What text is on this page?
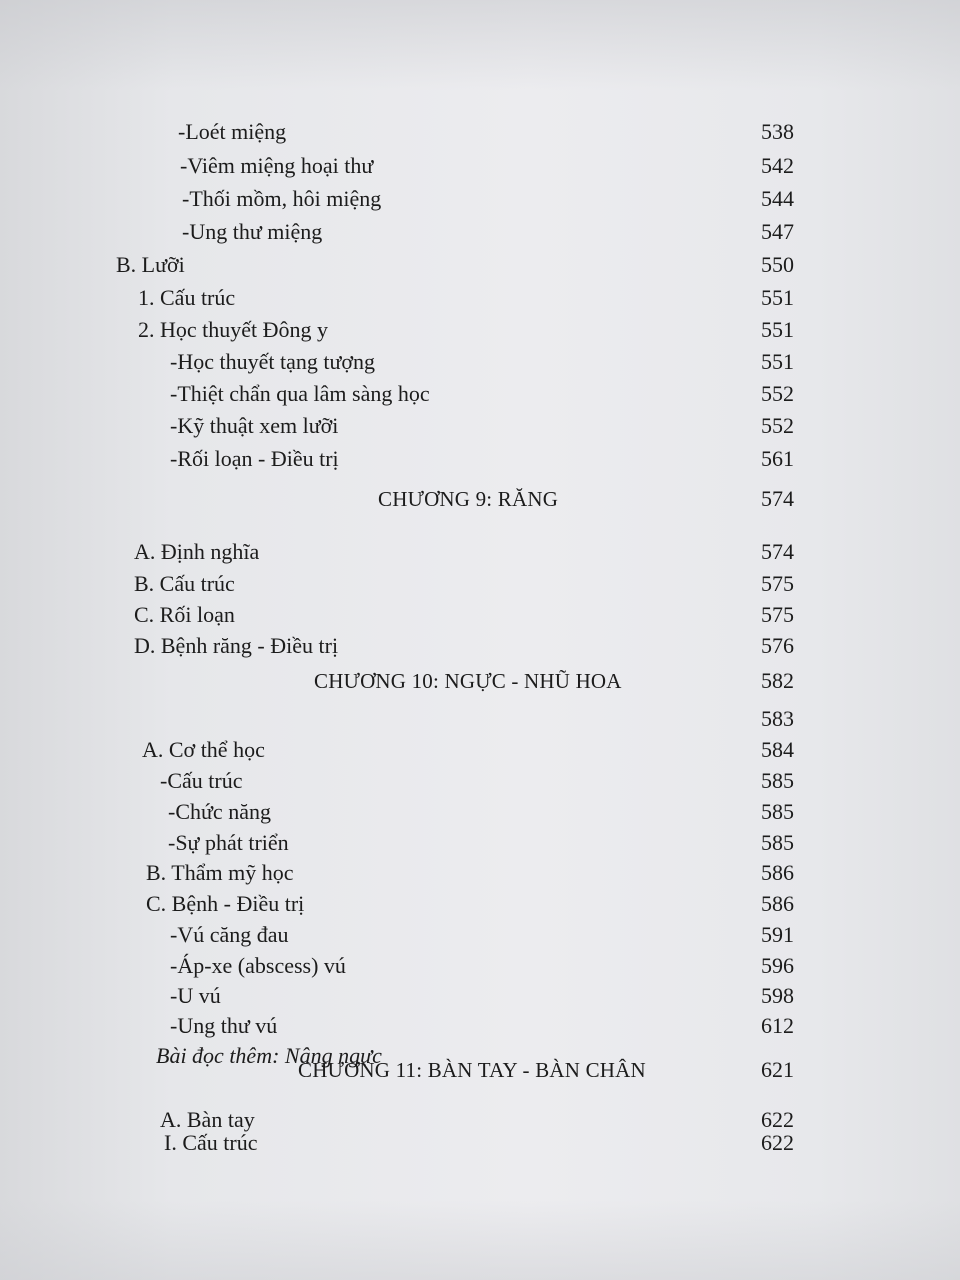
-Loét miệng	538
-Viêm miệng hoại thư	542
-Thối mồm, hôi miệng	544
-Ung thư miệng	547
B. Lưỡi	550
1. Cấu trúc	551
2. Học thuyết Đông y	551
-Học thuyết tạng tượng	551
-Thiệt chẩn qua lâm sàng học	552
-Kỹ thuật xem lưỡi	552
-Rối loạn - Điều trị	561
CHƯƠNG 9: RĂNG	574
A. Định nghĩa	574
B. Cấu trúc	575
C. Rối loạn	575
D. Bệnh răng - Điều trị	576
CHƯƠNG 10: NGỰC - NHŨ HOA	582
583
A. Cơ thể học	584
-Cấu trúc	585
-Chức năng	585
-Sự phát triển	585
B. Thẩm mỹ học	586
C. Bệnh - Điều trị	586
-Vú căng đau	591
-Áp-xe (abscess) vú	596
-U vú	598
-Ung thư vú	612
Bài đọc thêm: Nâng ngực
CHƯƠNG 11: BÀN TAY - BÀN CHÂN	621
A. Bàn tay	622
I. Cấu trúc	622
